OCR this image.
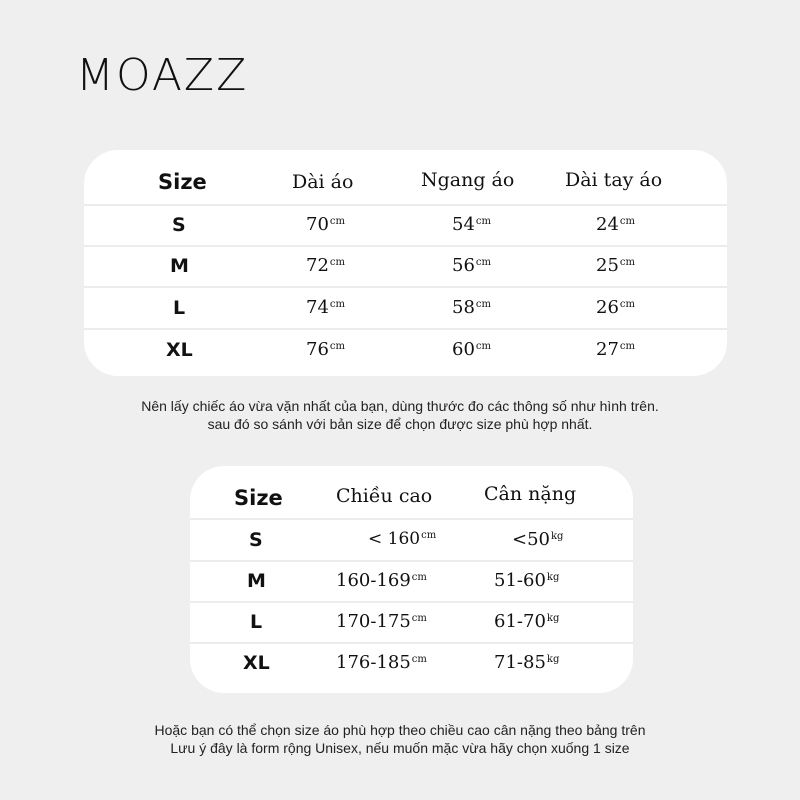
MOAZZ
Size	Dài áo	Ngang áo	Dài tay áo
S	$70^{cm}$	$54^{cm}$	$24^{cm}$
M	$72^{cm}$	$56^{cm}$	$25^{cm}$
L	$74^{cm}$	$58^{cm}$	$26^{cm}$
XL	$76^{cm}$	$60^{cm}$	$27^{cm}$
Nên lấy chiếc áo vừa vặn nhất của bạn, dùng thước đo các thông số như hình trên.
sau đó so sánh với bản size để chọn được size phù hợp nhất.
Size	Chiều cao	Cân nặng
S	< $160^{cm}$	$<50^{kg}$
M	$160-169^{cm}$	$51-60^{kg}$
L	$170-175^{cm}$	$61-70^{kg}$
XL	$176-185^{cm}$	$71-85^{kg}$
Hoặc bạn có thể chọn size áo phù hợp theo chiều cao cân nặng theo bảng trên
Lưu ý đây là form rộng Unisex, nếu muốn mặc vừa hãy chọn xuống 1 size
